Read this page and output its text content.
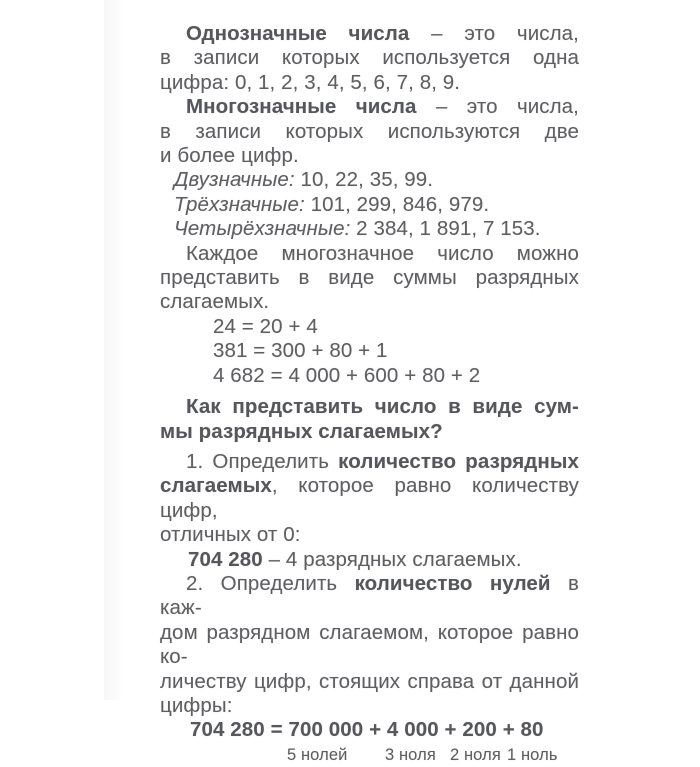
Однозначные числа – это числа,
в записи которых используется одна
цифра: 0, 1, 2, 3, 4, 5, 6, 7, 8, 9.
Многозначные числа – это числа,
в записи которых используются две
и более цифр.
Двузначные: 10, 22, 35, 99.
Трёхзначные: 101, 299, 846, 979.
Четырёхзначные: 2 384, 1 891, 7 153.
Каждое многозначное число можно
представить в виде суммы разрядных
слагаемых.
24 = 20 + 4
381 = 300 + 80 + 1
4 682 = 4 000 + 600 + 80 + 2
Как представить число в виде сум-
мы разрядных слагаемых?
1. Определить количество разрядных
слагаемых, которое равно количеству цифр,
отличных от 0:
704 280 – 4 разрядных слагаемых.
2. Определить количество нулей в каж-
дом разрядном слагаемом, которое равно ко-
личеству цифр, стоящих справа от данной
цифры:
704 280 = 700 000 + 4 000 + 200 + 80
5 нолей 3 ноля 2 ноля 1 ноль
